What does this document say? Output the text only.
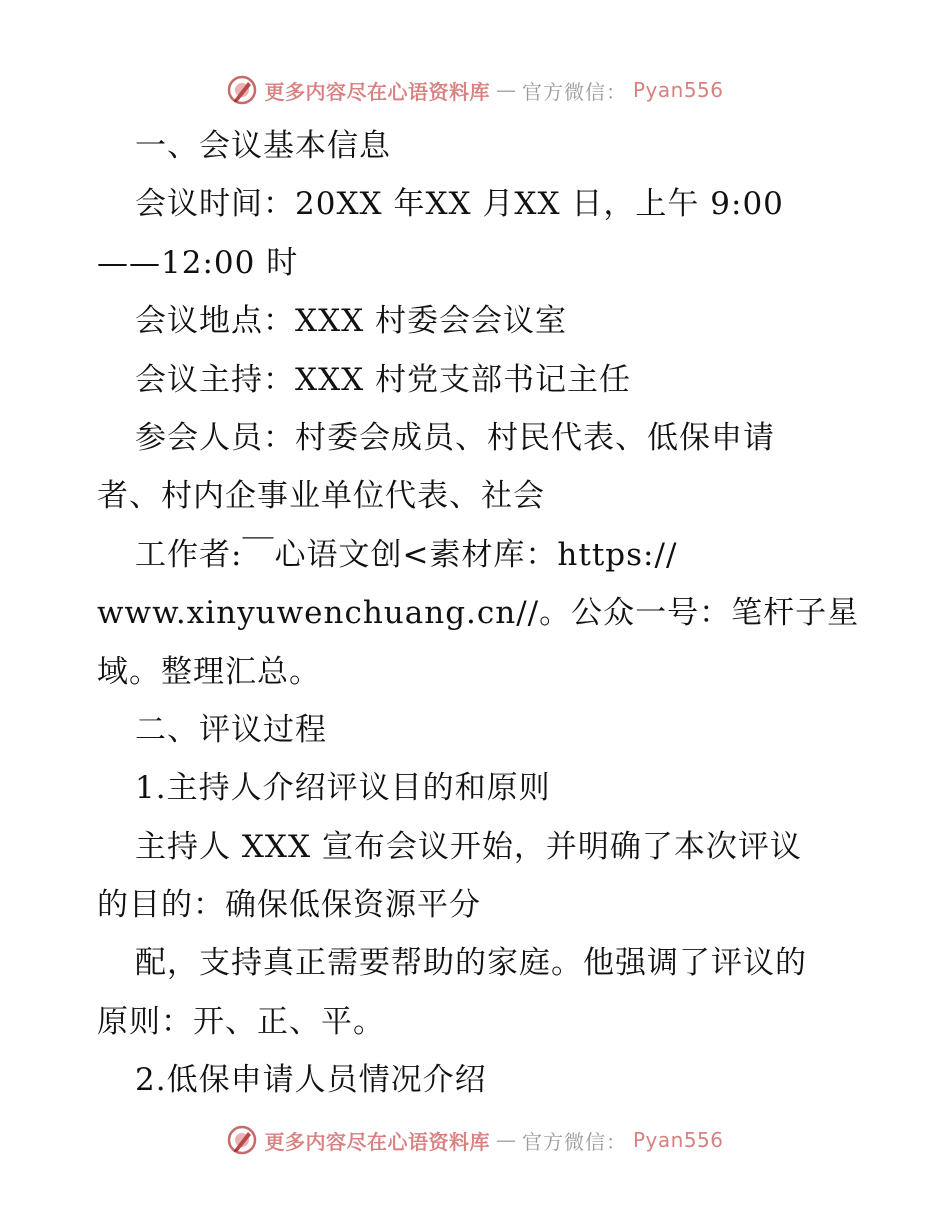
更多内容尽在心语资料库 — 官方微信： Pyan556
一、会议基本信息
会议时间：20XX 年XX 月XX 日，上午 9:00
——12:00 时
会议地点：XXX 村委会会议室
会议主持：XXX 村党支部书记主任
参会人员：村委会成员、村民代表、低保申请
者、村内企事业单位代表、社会
工作者:￣心语文创<素材库：https://
www.xinyuwenchuang.cn//。公众一号：笔杆子星
域。整理汇总。
二、评议过程
1.主持人介绍评议目的和原则
主持人 XXX 宣布会议开始，并明确了本次评议
的目的：确保低保资源平分
配，支持真正需要帮助的家庭。他强调了评议的
原则：开、正、平。
2.低保申请人员情况介绍
更多内容尽在心语资料库 — 官方微信： Pyan556
